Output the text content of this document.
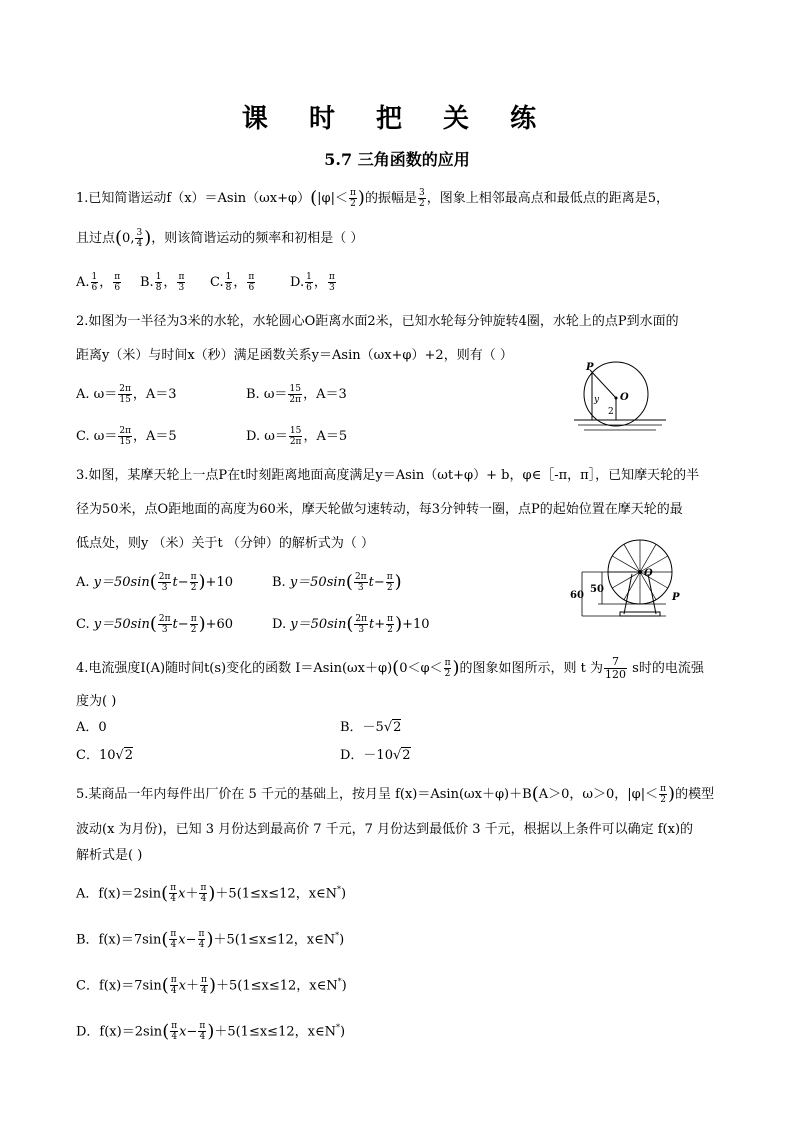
课 时 把 关 练
5.7 三角函数的应用
1.已知简谐运动$f(x)=Asin(\omega x+\varphi)(|\varphi|< \frac{\pi}{2}$ )的振幅是 $\frac{3}{2}$ ，图象上相邻最高点和最低点的距离是5，
且过点(0, $\frac{3}{4}$ )，则该简谐运动的频率和初相是（ ）
A. $\frac{1}{6}$ ， $\frac{\pi}{6} B$. $\frac{1}{8}$ ， $\frac{\pi}{3} C$. $\frac{1}{8}$ ， $\frac{\pi}{6}$	D. $\frac{1}{6}$ ， $\frac{\pi}{3}$
2.如图为一半径为3米的水轮，水轮圆心O距离水面2米，已知水轮每分钟旋转4圈，水轮上的点P到水面的
距离y（米）与时间x（秒）满足函数关系y＝Asin（ωx+φ）+2，则有（ ）
A. $\omega= \frac{2\pi}{15}$ ，A＝3	B. $\omega= \frac{15}{2\pi}$ ，A＝3
C. $\omega= \frac{2\pi}{15}$ ，A＝5	D. $\omega= \frac{15}{2\pi}$ ，A＝5
P
y O
2
3.如图，某摩天轮上一点P在t时刻距离地面高度满足y＝Asin（ωt+φ）+ b，φ∈［-π，π］，已知摩天轮的半
径为50米，点O距地面的高度为60米，摩天轮做匀速转动，每3分钟转一圈，点P的起始位置在摩天轮的最
低点处，则y （米）关于t （分钟）的解析式为（ ）
A. $y=50\sin( \frac{2\pi}{3} t- \frac{\pi}{2} )+10$	B. $y=50\sin( \frac{2\pi}{3} t- \frac{\pi}{2}$ )
C. $y=50\sin( \frac{2\pi}{3} t- \frac{\pi}{2} )+60$	D. $y=50\sin( \frac{2\pi}{3} t+ \frac{\pi}{2} )+10$
60
50
O
P
4.电流强度I(A)随时间t(s)变化的函数 $I=Asin(\omega x+\varphi)(0<\varphi< \frac{\pi}{2}$ )的图象如图所示，则 t 为 $\frac{7}{120}$ s时的电流强
度为( )
A．0	B．－5√2
C．10√2	D．－10√2
5.某商品一年内每件出厂价在 5 千元的基础上，按月呈 f(x)＝Asin(ωx＋φ)＋B(A＞0，ω＞0，$|\varphi|< \frac{\pi}{2}$ )的模型
波动(x 为月份)，已知 3 月份达到最高价 7 千元，7 月份达到最低价 3 千元，根据以上条件可以确定 f(x)的
解析式是( )
A．$f(x)=2\sin( \frac{\pi}{4} x+ \frac{\pi}{4} )+5(1\le x\le 12$，x∈N*)
B．$f(x)=7\sin( \frac{\pi}{4} x- \frac{\pi}{4} )+5(1\le x\le 12$，x∈N*)
C．$f(x)=7\sin( \frac{\pi}{4} x+ \frac{\pi}{4} )+5(1\le x\le 12$，x∈N*)
D．$f(x)=2\sin( \frac{\pi}{4} x- \frac{\pi}{4} )+5(1\le x\le 12$，x∈N*)
